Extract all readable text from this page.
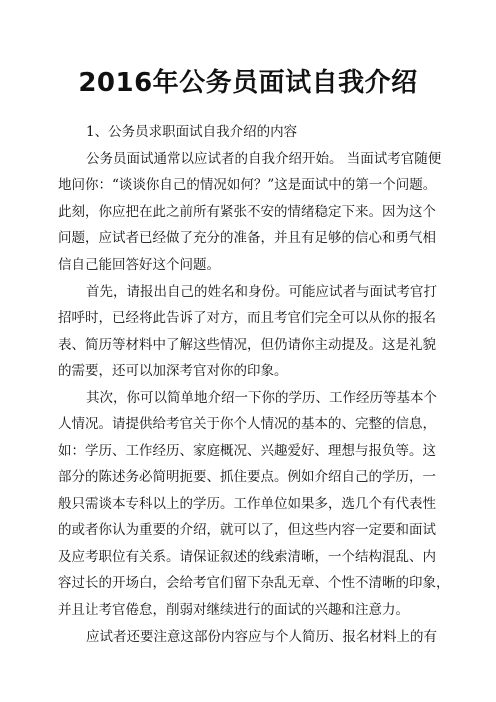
2016年公务员面试自我介绍
1、公务员求职面试自我介绍的内容
公务员面试通常以应试者的自我介绍开始。 当面试考官随便
地问你：“谈谈你自己的情况如何？”这是面试中的第一个问题。
此刻，你应把在此之前所有紧张不安的情绪稳定下来。因为这个
问题，应试者已经做了充分的准备，并且有足够的信心和勇气相
信自己能回答好这个问题。
首先，请报出自己的姓名和身份。可能应试者与面试考官打
招呼时，已经将此告诉了对方，而且考官们完全可以从你的报名
表、简历等材料中了解这些情况，但仍请你主动提及。这是礼貌
的需要，还可以加深考官对你的印象。
其次，你可以简单地介绍一下你的学历、工作经历等基本个
人情况。请提供给考官关于你个人情况的基本的、完整的信息，
如：学历、工作经历、家庭概况、兴趣爱好、理想与报负等。这
部分的陈述务必简明扼要、抓住要点。例如介绍自己的学历，一
般只需谈本专科以上的学历。工作单位如果多，选几个有代表性
的或者你认为重要的介绍，就可以了，但这些内容一定要和面试
及应考职位有关系。请保证叙述的线索清晰，一个结构混乱、内
容过长的开场白，会给考官们留下杂乱无章、个性不清晰的印象，
并且让考官倦怠，削弱对继续进行的面试的兴趣和注意力。
应试者还要注意这部份内容应与个人简历、报名材料上的有
